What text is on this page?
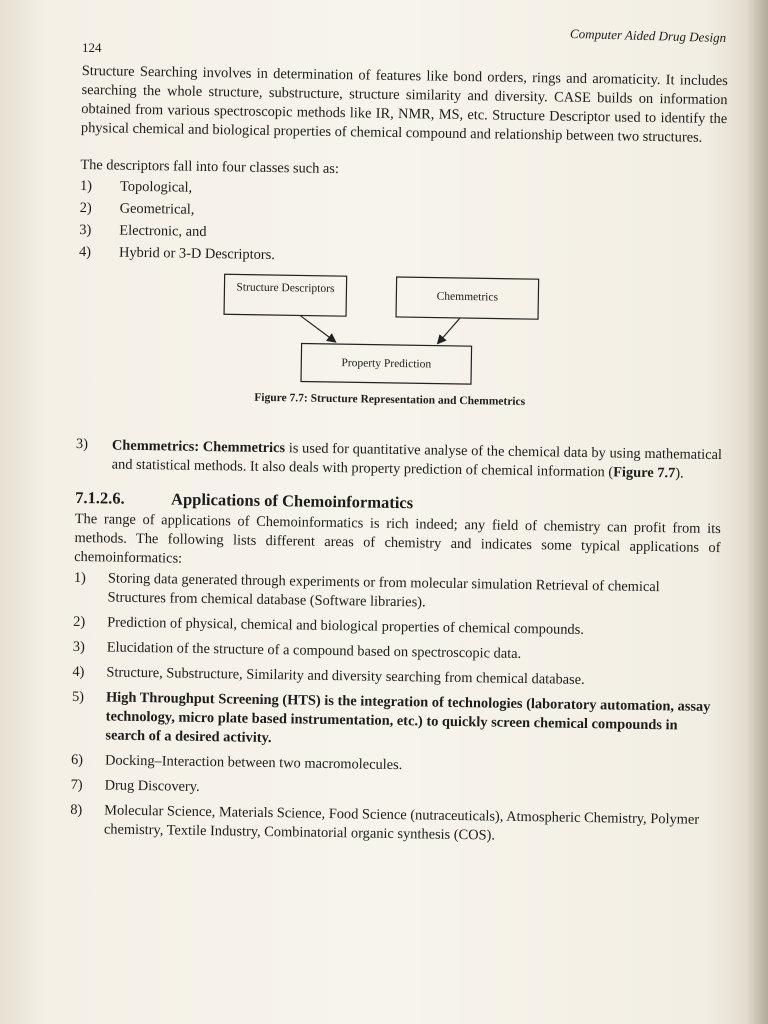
124
Computer Aided Drug Design

Structure Searching involves in determination of features like bond orders, rings and aromaticity. It includes searching the whole structure, substructure, structure similarity and diversity. CASE builds on information obtained from various spectroscopic methods like IR, NMR, MS, etc. Structure Descriptor used to identify the physical chemical and biological properties of chemical compound and relationship between two structures.

The descriptors fall into four classes such as:

1)	Topological,
2)	Geometrical,
3)	Electronic, and
4)	Hybrid or 3-D Descriptors.
Structure Descriptors
Chemmetrics
Property Prediction
Figure 7.7: Structure Representation and Chemmetrics
3)	Chemmetrics: Chemmetrics is used for quantitative analyse of the chemical data by using mathematical and statistical methods. It also deals with property prediction of chemical information (Figure 7.7).

7.1.2.6.	Applications of Chemoinformatics

The range of applications of Chemoinformatics is rich indeed; any field of chemistry can profit from its methods. The following lists different areas of chemistry and indicates some typical applications of chemoinformatics:

1)	Storing data generated through experiments or from molecular simulation Retrieval of chemical Structures from chemical database (Software libraries).
2)	Prediction of physical, chemical and biological properties of chemical compounds.
3)	Elucidation of the structure of a compound based on spectroscopic data.
4)	Structure, Substructure, Similarity and diversity searching from chemical database.
5)	High Throughput Screening (HTS) is the integration of technologies (laboratory automation, assay technology, micro plate based instrumentation, etc.) to quickly screen chemical compounds in search of a desired activity.
6)	Docking–Interaction between two macromolecules.
7)	Drug Discovery.
8)	Molecular Science, Materials Science, Food Science (nutraceuticals), Atmospheric Chemistry, Polymer chemistry, Textile Industry, Combinatorial organic synthesis (COS).
